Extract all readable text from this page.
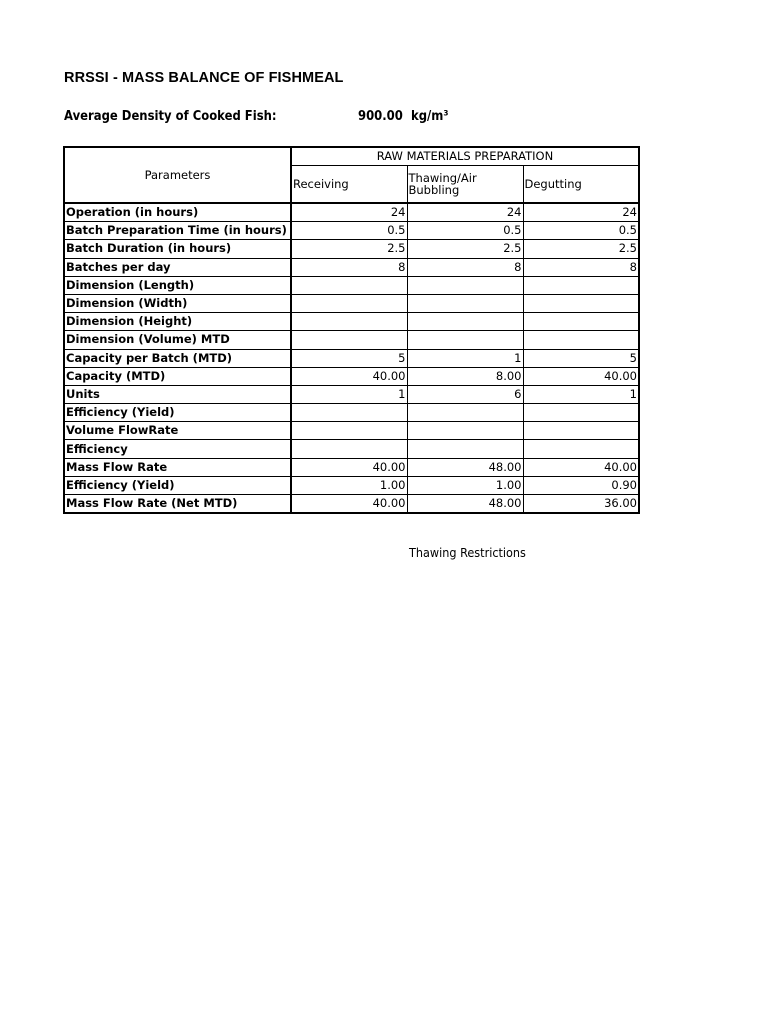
RRSSI - MASS BALANCE OF FISHMEAL
Average Density of Cooked Fish:	900.00 kg/m³
Parameters	RAW MATERIALS PREPARATION		
	Receiving	Thawing/Air Bubbling	Degutting
Operation (in hours)	24	24	24
Batch Preparation Time (in hours)	0.5	0.5	0.5
Batch Duration (in hours)	2.5	2.5	2.5
Batches per day	8	8	8
Dimension (Length)			
Dimension (Width)			
Dimension (Height)			
Dimension (Volume) MTD			
Capacity per Batch (MTD)	5	1	5
Capacity (MTD)	40.00	8.00	40.00
Units	1	6	1
Efficiency (Yield)			
Volume FlowRate			
Efficiency			
Mass Flow Rate	40.00	48.00	40.00
Efficiency (Yield)	1.00	1.00	0.90
Mass Flow Rate (Net MTD)	40.00	48.00	36.00
Thawing Restrictions
